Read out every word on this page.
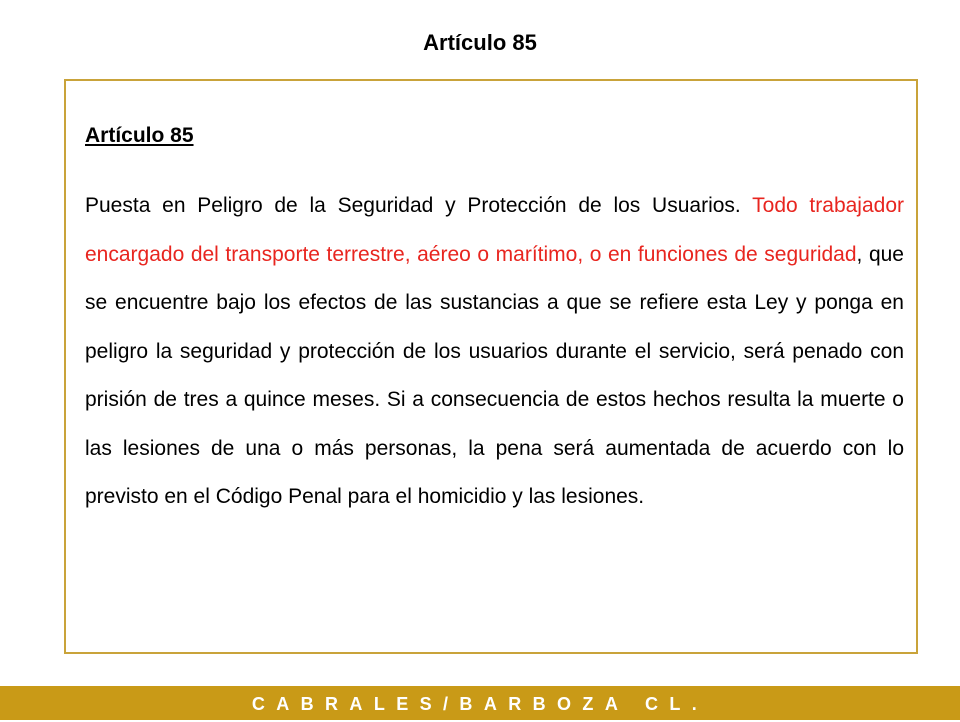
Artículo 85
Artículo 85

Puesta en Peligro de la Seguridad y Protección de los Usuarios. Todo trabajador encargado del transporte terrestre, aéreo o marítimo, o en funciones de seguridad, que se encuentre bajo los efectos de las sustancias a que se refiere esta Ley y ponga en peligro la seguridad y protección de los usuarios durante el servicio, será penado con prisión de tres a quince meses. Si a consecuencia de estos hechos resulta la muerte o las lesiones de una o más personas, la pena será aumentada de acuerdo con lo previsto en el Código Penal para el homicidio y las lesiones.

CABRALES/BARBOZA CL.
